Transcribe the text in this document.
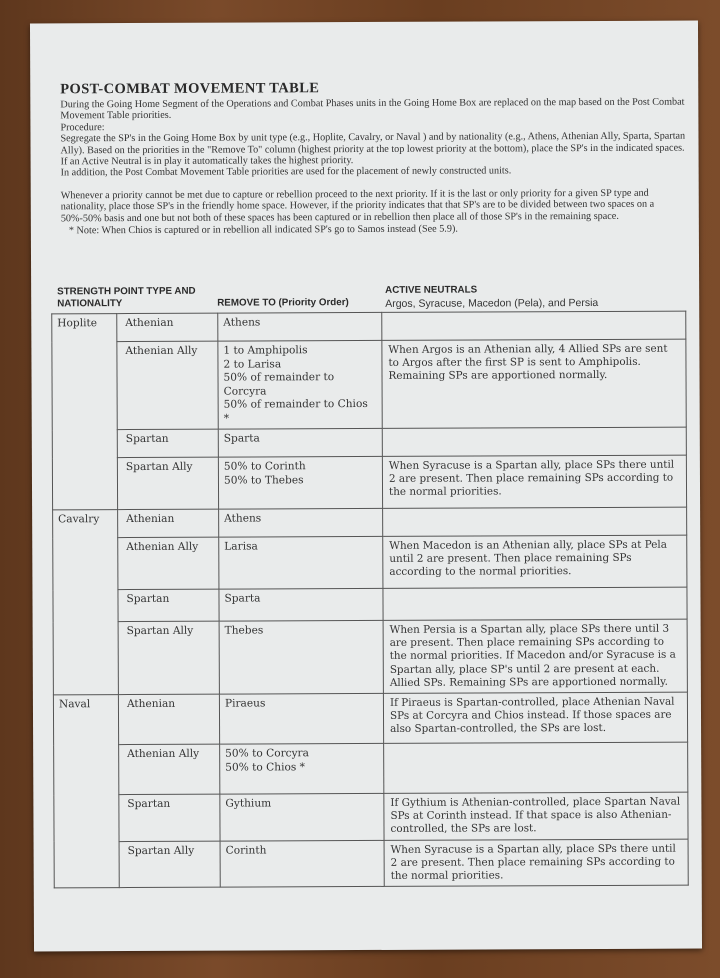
POST-COMBAT MOVEMENT TABLE

During the Going Home Segment of the Operations and Combat Phases units in the Going Home Box are replaced on the map based on the Post Combat Movement Table priorities.

Procedure:

Segregate the SP's in the Going Home Box by unit type (e.g., Hoplite, Cavalry, or Naval ) and by nationality (e.g., Athens, Athenian Ally, Sparta, Spartan Ally). Based on the priorities in the "Remove To" column (highest priority at the top lowest priority at the bottom), place the SP's in the indicated spaces. If an Active Neutral is in play it automatically takes the highest priority.

In addition, the Post Combat Movement Table priorities are used for the placement of newly constructed units.

Whenever a priority cannot be met due to capture or rebellion proceed to the next priority. If it is the last or only priority for a given SP type and nationality, place those SP's in the friendly home space. However, if the priority indicates that that SP's are to be divided between two spaces on a 50%-50% basis and one but not both of these spaces has been captured or in rebellion then place all of those SP's in the remaining space.

* Note: When Chios is captured or in rebellion all indicated SP's go to Samos instead (See 5.9).

STRENGTH POINT TYPE AND NATIONALITY	REMOVE TO (Priority Order)
ACTIVE NEUTRALS
Argos, Syracuse, Macedon (Pela), and Persia
Hoplite	Athenian	Athens	

	Athenian Ally	1 to Amphipolis
2 to Larisa
50% of remainder to Corcyra
50% of remainder to Chios *	When Argos is an Athenian ally, 4 Allied SPs are sent to Argos after the first SP is sent to Amphipolis. Remaining SPs are apportioned normally.
	Spartan	Sparta	

	Spartan Ally	50% to Corinth
50% to Thebes	When Syracuse is a Spartan ally, place SPs there until 2 are present. Then place remaining SPs according to the normal priorities.
Cavalry	Athenian	Athens	

	Athenian Ally	Larisa	When Macedon is an Athenian ally, place SPs at Pela until 2 are present. Then place remaining SPs according to the normal priorities.
	Spartan	Sparta	

	Spartan Ally	Thebes	When Persia is a Spartan ally, place SPs there until 3 are present. Then place remaining SPs according to the normal priorities. If Macedon and/or Syracuse is a Spartan ally, place SP's until 2 are present at each. Allied SPs. Remaining SPs are apportioned normally.
Naval	Athenian	Piraeus	If Piraeus is Spartan-controlled, place Athenian Naval SPs at Corcyra and Chios instead. If those spaces are also Spartan-controlled, the SPs are lost.
	Athenian Ally	50% to Corcyra
50% to Chios *	

	Spartan	Gythium	If Gythium is Athenian-controlled, place Spartan Naval SPs at Corinth instead. If that space is also Athenian-controlled, the SPs are lost.
	Spartan Ally	Corinth	When Syracuse is a Spartan ally, place SPs there until 2 are present. Then place remaining SPs according to the normal priorities.
